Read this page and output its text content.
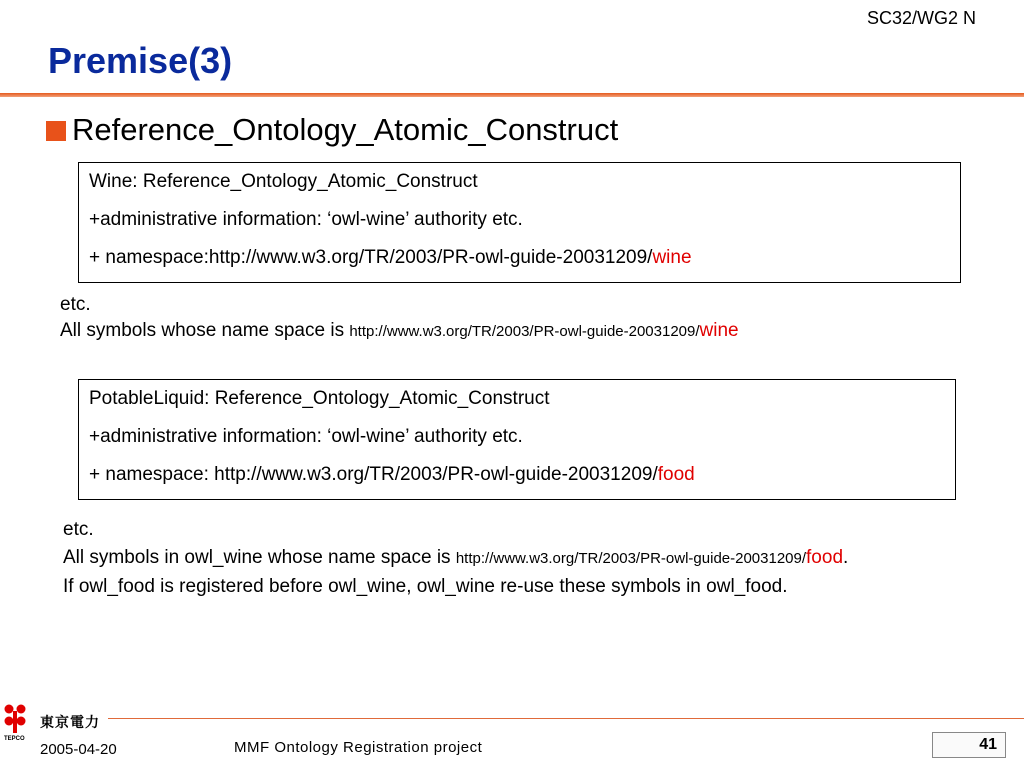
SC32/WG2 N
Premise(3)
Reference_Ontology_Atomic_Construct

Wine: Reference_Ontology_Atomic_Construct

+administrative information: ‘owl-wine’ authority etc.

+ namespace:http://www.w3.org/TR/2003/PR-owl-guide-20031209/wine

etc.
All symbols whose name space is http://www.w3.org/TR/2003/PR-owl-guide-20031209/wine

PotableLiquid: Reference_Ontology_Atomic_Construct

+administrative information: ‘owl-wine’ authority etc.

+ namespace: http://www.w3.org/TR/2003/PR-owl-guide-20031209/food

etc.
All symbols in owl_wine whose name space is http://www.w3.org/TR/2003/PR-owl-guide-20031209/food.
If owl_food is registered before owl_wine, owl_wine re-use these symbols in owl_food.
東京電力
TEPCO
2005-04-20	MMF Ontology Registration project	41
